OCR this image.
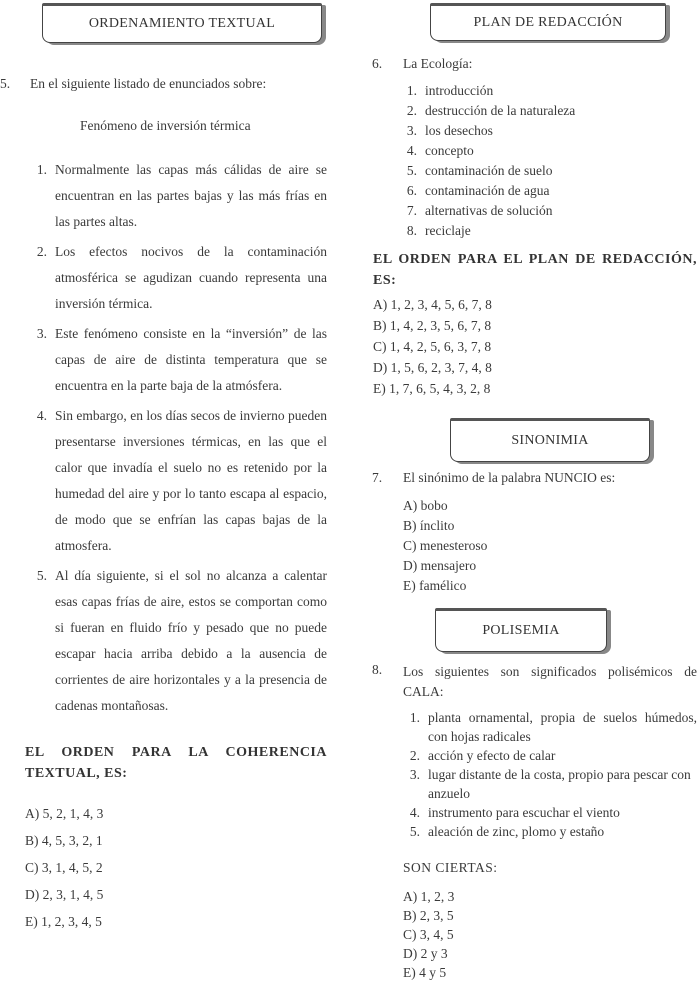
ORDENAMIENTO TEXTUAL
5. En el siguiente listado de enunciados sobre:
Fenómeno de inversión térmica
1. Normalmente las capas más cálidas de aire se encuentran en las partes bajas y las más frías en las partes altas.
2. Los efectos nocivos de la contaminación atmosférica se agudizan cuando representa una inversión térmica.
3. Este fenómeno consiste en la “inversión” de las capas de aire de distinta temperatura que se encuentra en la parte baja de la atmósfera.
4. Sin embargo, en los días secos de invierno pueden presentarse inversiones térmicas, en las que el calor que invadía el suelo no es retenido por la humedad del aire y por lo tanto escapa al espacio, de modo que se enfrían las capas bajas de la atmosfera.
5. Al día siguiente, si el sol no alcanza a calentar esas capas frías de aire, estos se comportan como si fueran en fluido frío y pesado que no puede escapar hacia arriba debido a la ausencia de corrientes de aire horizontales y a la presencia de cadenas montañosas.
EL ORDEN PARA LA COHERENCIA TEXTUAL, ES:
A) 5, 2, 1, 4, 3
B) 4, 5, 3, 2, 1
C) 3, 1, 4, 5, 2
D) 2, 3, 1, 4, 5
E) 1, 2, 3, 4, 5
PLAN DE REDACCIÓN
6. La Ecología:
1. introducción
2. destrucción de la naturaleza
3. los desechos
4. concepto
5. contaminación de suelo
6. contaminación de agua
7. alternativas de solución
8. reciclaje
EL ORDEN PARA EL PLAN DE REDACCIÓN, ES:
A) 1, 2, 3, 4, 5, 6, 7, 8
B) 1, 4, 2, 3, 5, 6, 7, 8
C) 1, 4, 2, 5, 6, 3, 7, 8
D) 1, 5, 6, 2, 3, 7, 4, 8
E) 1, 7, 6, 5, 4, 3, 2, 8
SINONIMIA
7. El sinónimo de la palabra NUNCIO es:
A) bobo
B) ínclito
C) menesteroso
D) mensajero
E) famélico
POLISEMIA
8. Los siguientes son significados polisémicos de CALA:
1. planta ornamental, propia de suelos húmedos, con hojas radicales
2. acción y efecto de calar
3. lugar distante de la costa, propio para pescar con anzuelo
4. instrumento para escuchar el viento
5. aleación de zinc, plomo y estaño
SON CIERTAS:
A) 1, 2, 3
B) 2, 3, 5
C) 3, 4, 5
D) 2 y 3
E) 4 y 5
